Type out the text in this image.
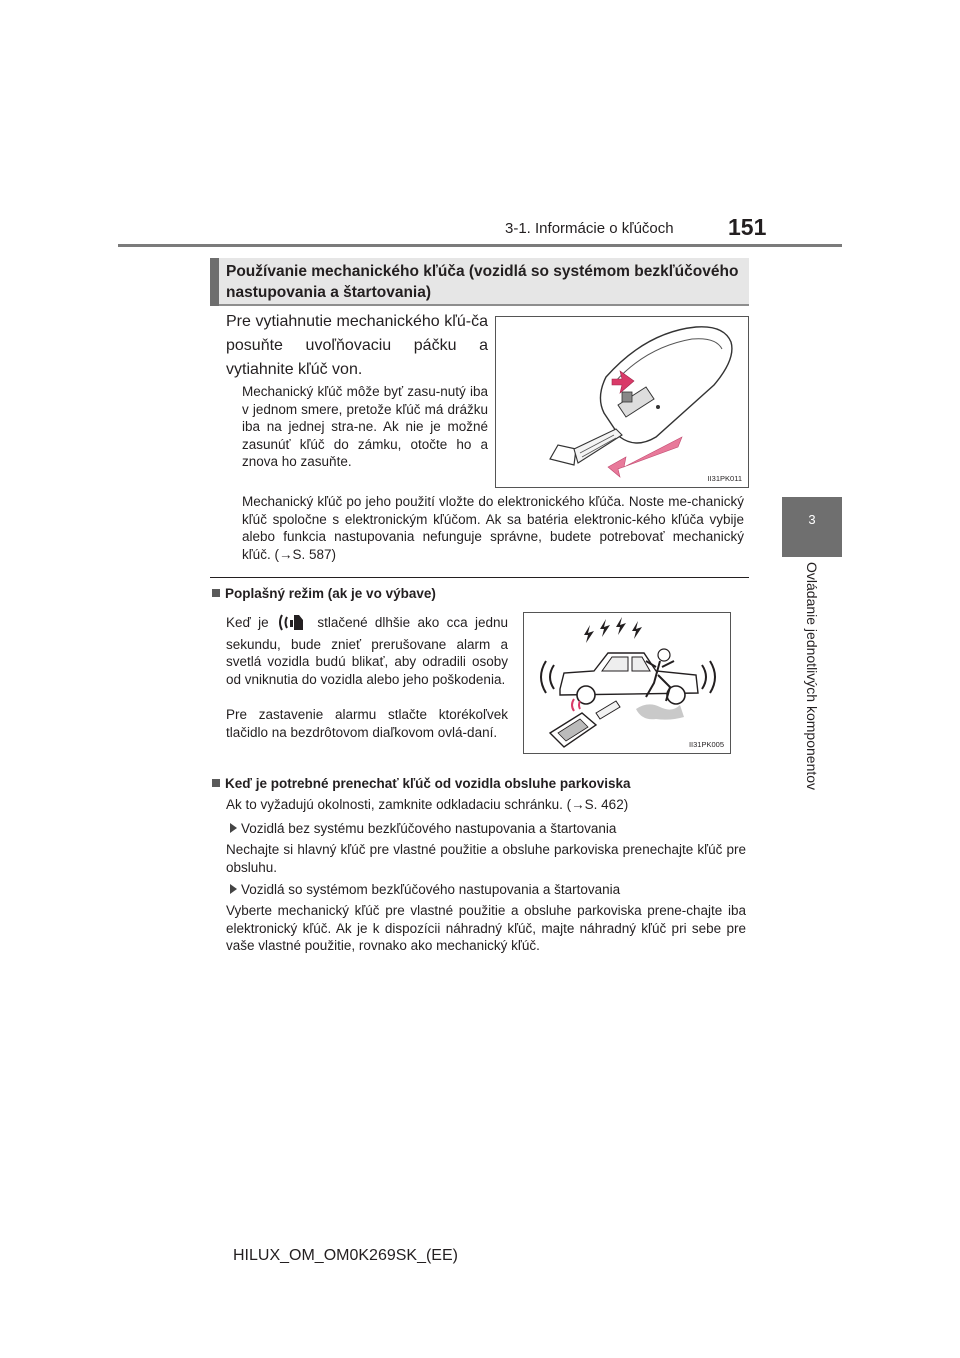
3-1. Informácie o kľúčoch 151
3
Ovládanie jednotlivých komponentov
Používanie mechanického kľúča (vozidlá so systémom bezkľúčového nastupovania a štartovania)
Pre vytiahnutie mechanického kľú-ča posuňte uvoľňovaciu páčku a vytiahnite kľúč von.
Mechanický kľúč môže byť zasu-nutý iba v jednom smere, pretože kľúč má drážku iba na jednej stra-ne. Ak nie je možné zasunúť kľúč do zámku, otočte ho a znova ho zasuňte.
Mechanický kľúč po jeho použití vložte do elektronického kľúča. Noste me-chanický kľúč spoločne s elektronickým kľúčom. Ak sa batéria elektronic-kého kľúča vybije alebo funkcia nastupovania nefunguje správne, budete potrebovať mechanický kľúč. (→S. 587)
II31PK011
Poplašný režim (ak je vo výbave)
Keď je	stlačené dlhšie ako cca jednu sekundu, bude znieť prerušovane alarm a svetlá vozidla budú blikať, aby odradili osoby od vniknutia do vozidla alebo jeho poškodenia.
Pre zastavenie alarmu stlačte ktorékoľvek tlačidlo na bezdrôtovom diaľkovom ovlá-daní.
II31PK005
Keď je potrebné prenechať kľúč od vozidla obsluhe parkoviska
Ak to vyžadujú okolnosti, zamknite odkladaciu schránku. (→S. 462)
Vozidlá bez systému bezkľúčového nastupovania a štartovania
Nechajte si hlavný kľúč pre vlastné použitie a obsluhe parkoviska prenechajte kľúč pre obsluhu.
Vozidlá so systémom bezkľúčového nastupovania a štartovania
Vyberte mechanický kľúč pre vlastné použitie a obsluhe parkoviska prene-chajte iba elektronický kľúč. Ak je k dispozícii náhradný kľúč, majte náhradný kľúč pri sebe pre vaše vlastné použitie, rovnako ako mechanický kľúč.
HILUX_OM_OM0K269SK_(EE)
